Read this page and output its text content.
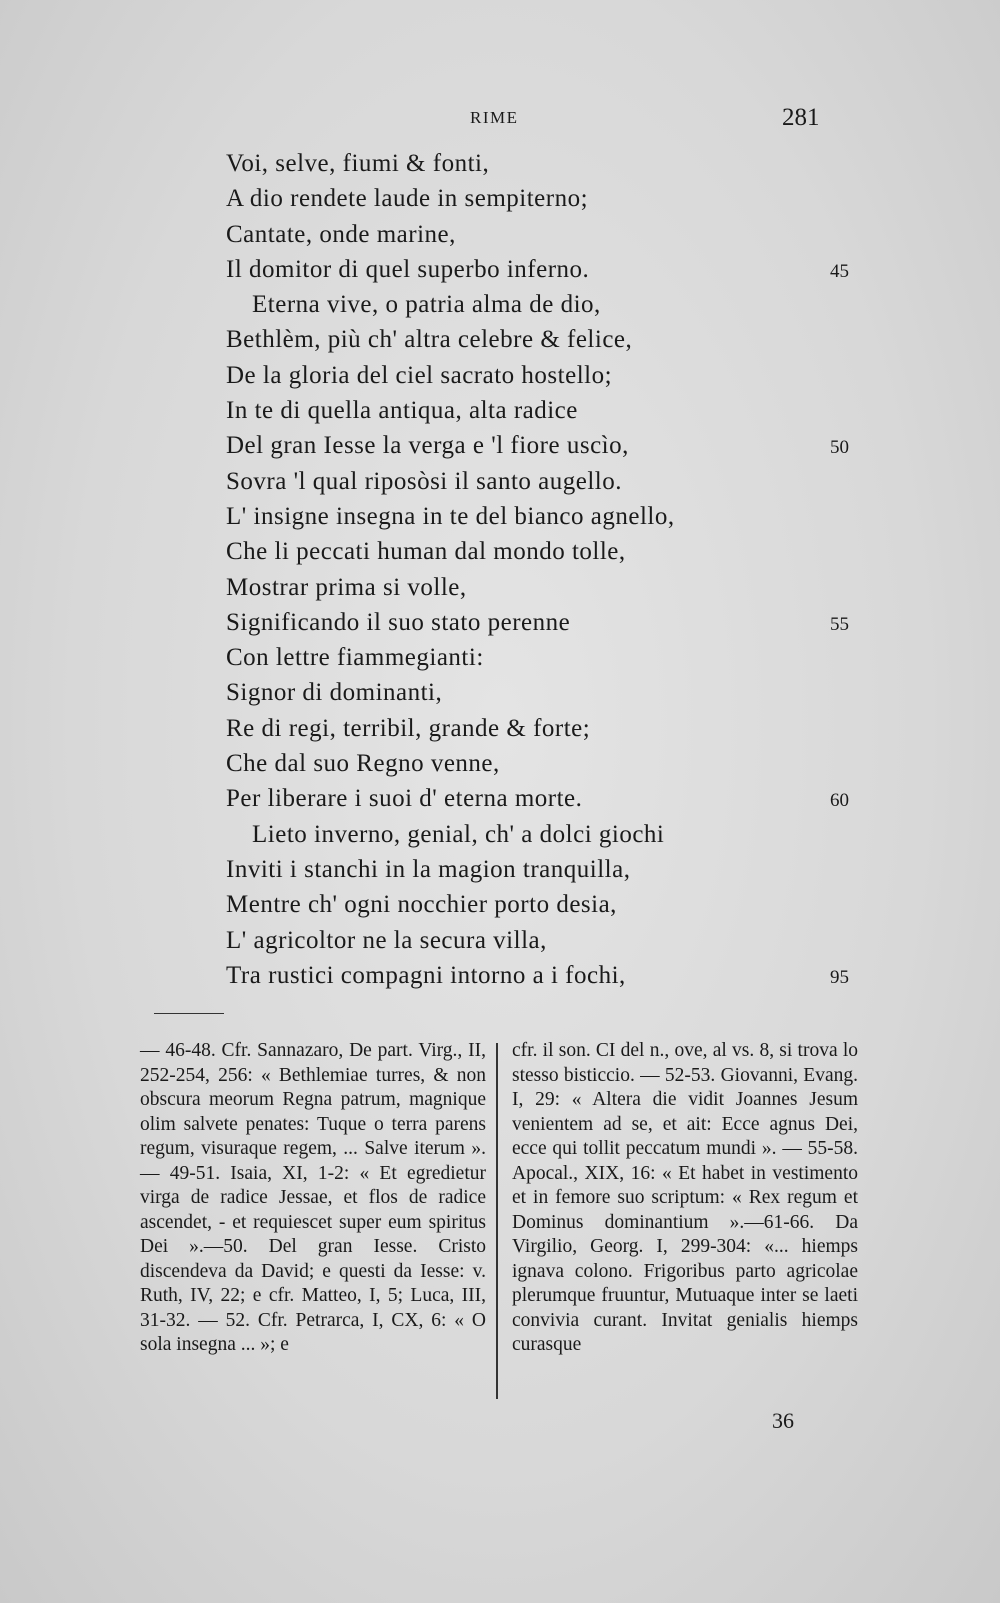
RIME	281
Voi, selve, fiumi & fonti,
A dio rendete laude in sempiterno;
Cantate, onde marine,
Il domitor di quel superbo inferno.	45
Eterna vive, o patria alma de dio,
Bethlèm, più ch' altra celebre & felice,
De la gloria del ciel sacrato hostello;
In te di quella antiqua, alta radice
Del gran Iesse la verga e 'l fiore uscìo,	50
Sovra 'l qual riposòsi il santo augello.
L' insigne insegna in te del bianco agnello,
Che li peccati human dal mondo tolle,
Mostrar prima si volle,
Significando il suo stato perenne	55
Con lettre fiammegianti:
Signor di dominanti,
Re di regi, terribil, grande & forte;
Che dal suo Regno venne,
Per liberare i suoi d' eterna morte.	60
Lieto inverno, genial, ch' a dolci giochi
Inviti i stanchi in la magion tranquilla,
Mentre ch' ogni nocchier porto desia,
L' agricoltor ne la secura villa,
Tra rustici compagni intorno a i fochi,	95
— 46-48. Cfr. Sannazaro, De part. Virg., II, 252-254, 256: « Bethlemiae turres, & non obscura meorum Regna patrum, magnique olim salvete penates: Tuque o terra parens regum, visuraque regem, ... Salve iterum ». — 49-51. Isaia, XI, 1-2: « Et egredietur virga de radice Jessae, et flos de radice ascendet, - et requiescet super eum spiritus Dei ».—50. Del gran Iesse. Cristo discendeva da David; e questi da Iesse: v. Ruth, IV, 22; e cfr. Matteo, I, 5; Luca, III, 31-32. — 52. Cfr. Petrarca, I, CX, 6: « O sola insegna ... »; e
cfr. il son. CI del n., ove, al vs. 8, si trova lo stesso bisticcio. — 52-53. Giovanni, Evang. I, 29: « Altera die vidit Joannes Jesum venientem ad se, et ait: Ecce agnus Dei, ecce qui tollit peccatum mundi ». — 55-58. Apocal., XIX, 16: « Et habet in vestimento et in femore suo scriptum: « Rex regum et Dominus dominantium ».—61-66. Da Virgilio, Georg. I, 299-304: «... hiemps ignava colono. Frigoribus parto agricolae plerumque fruuntur, Mutuaque inter se laeti convivia curant. Invitat genialis hiemps curasque
36
